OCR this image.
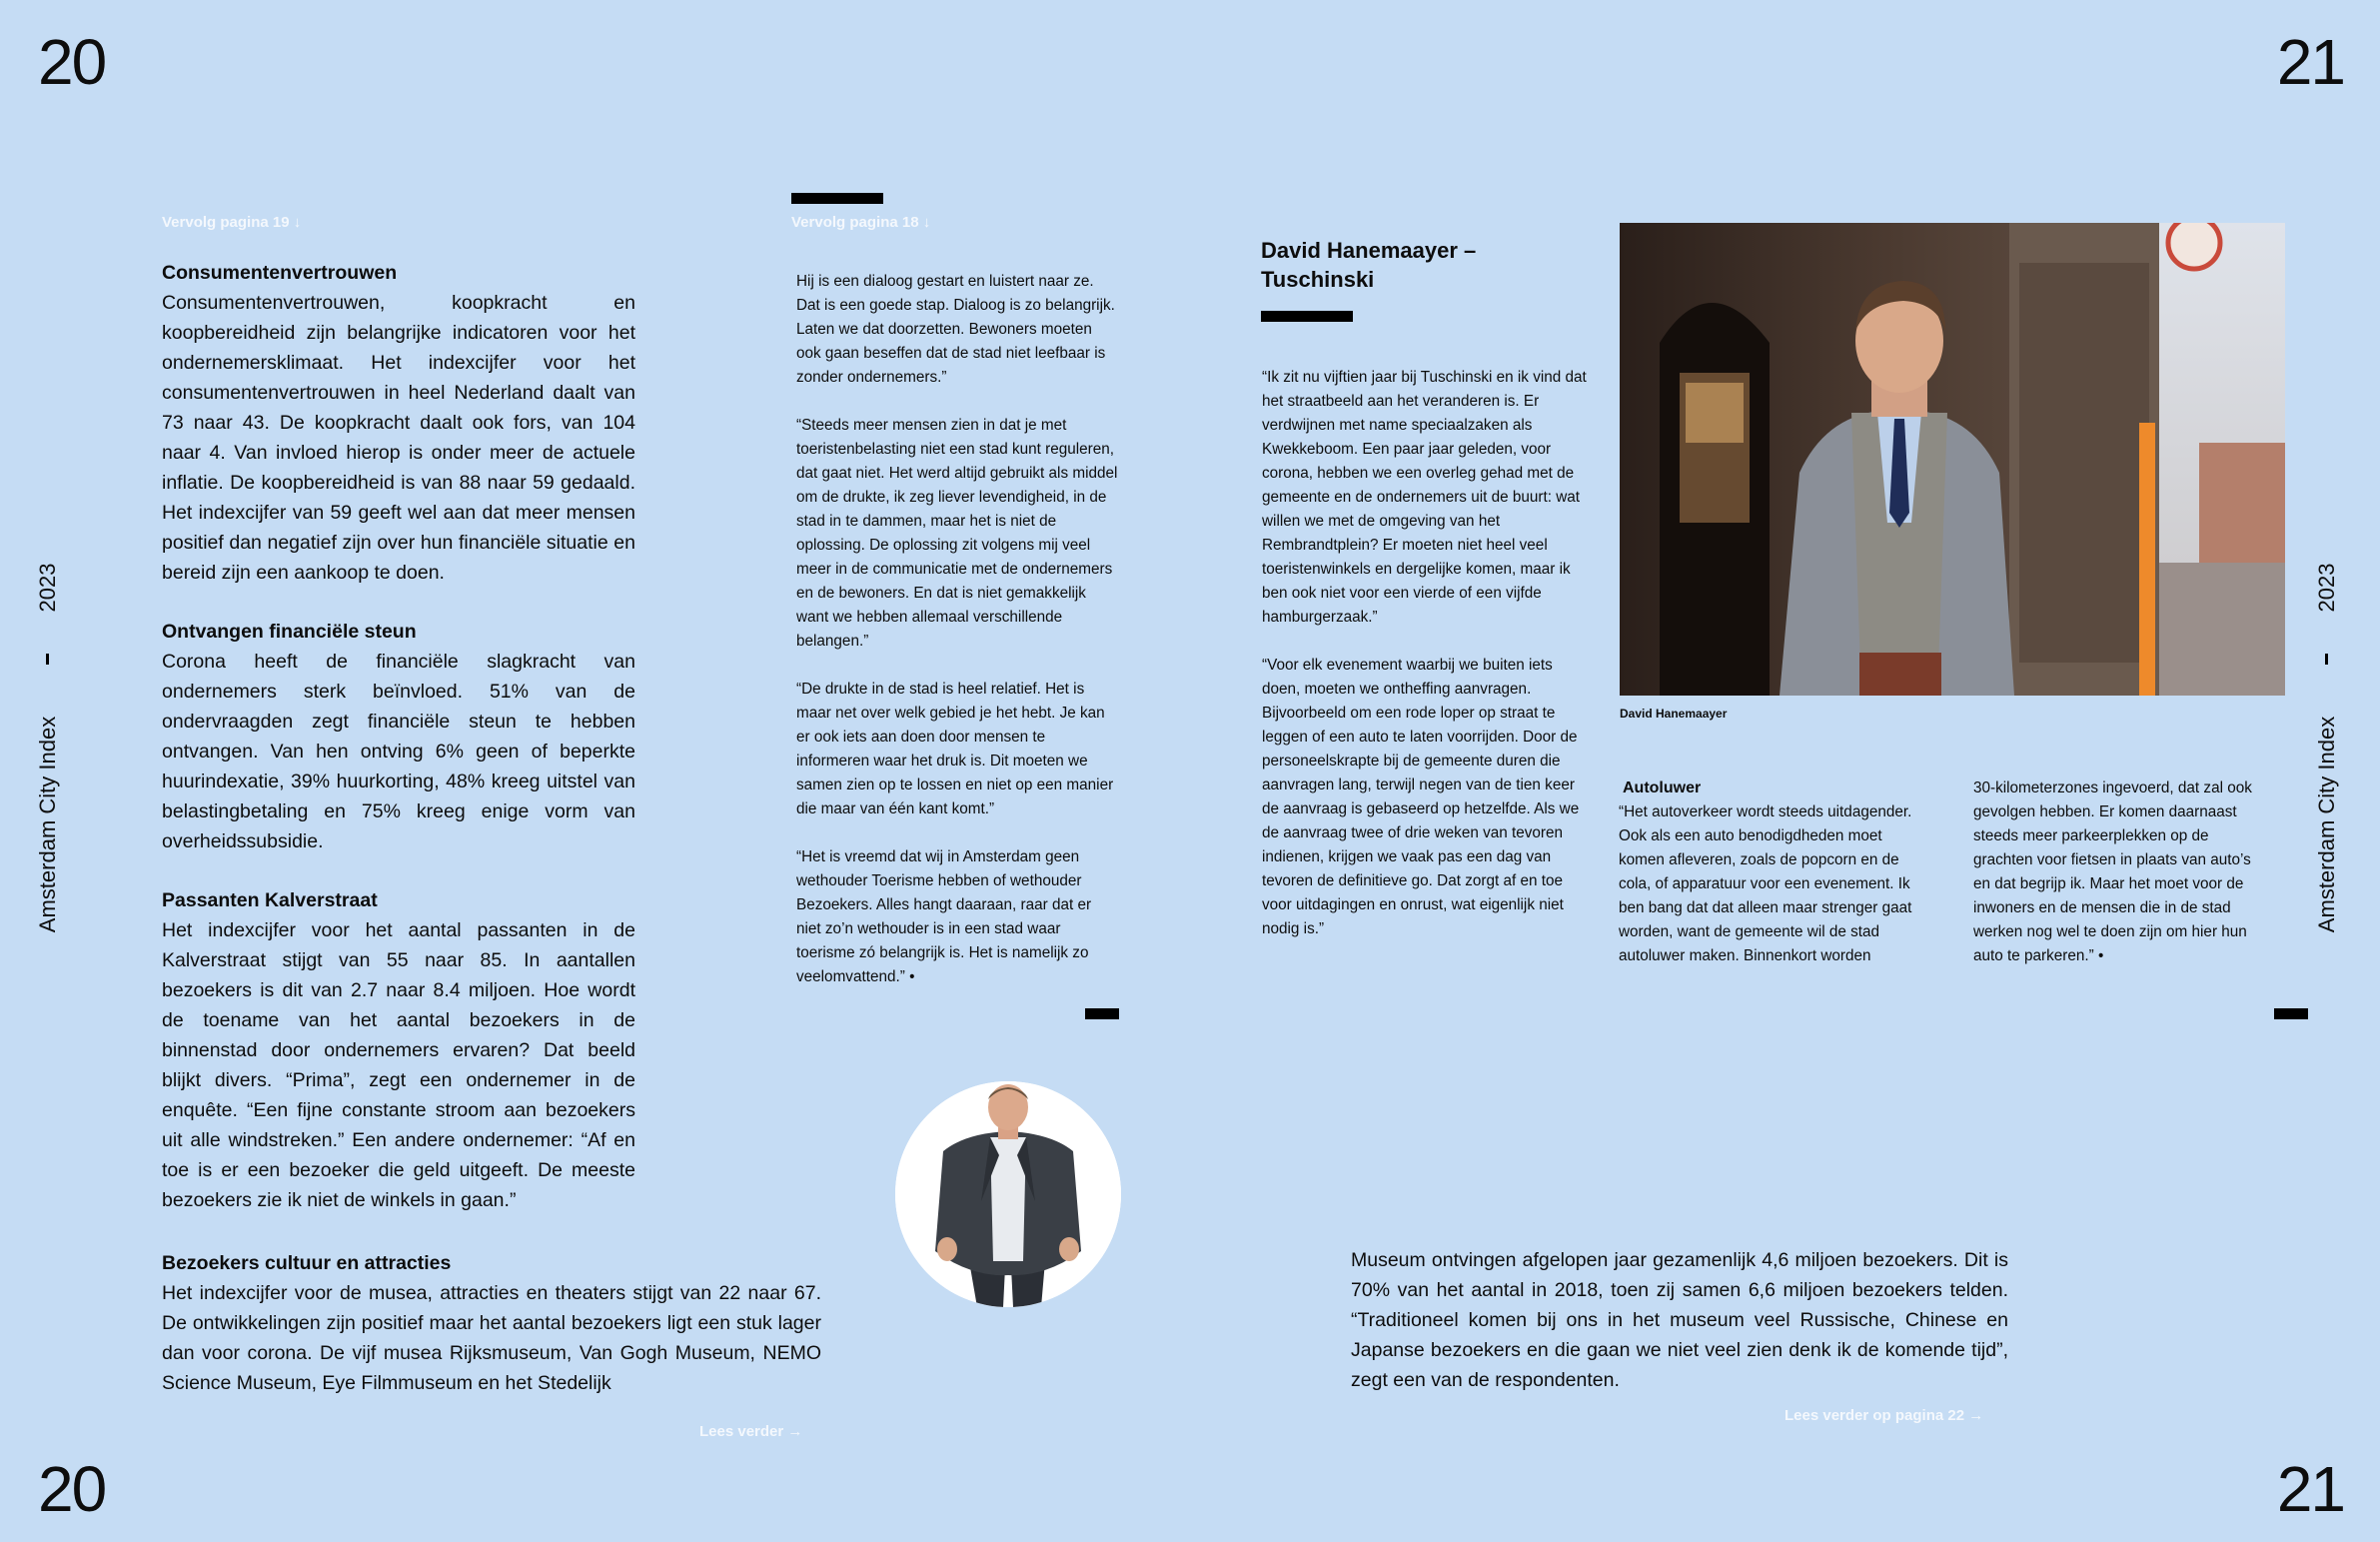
20	21
20	21
2023
Amsterdam City Index
2023
Amsterdam City Index
Vervolg pagina 19 ↓
Consumentenvertrouwen

Consumentenvertrouwen, koopkracht en koopbereidheid zijn belangrijke indicatoren voor het ondernemersklimaat. Het indexcijfer voor het consumentenvertrouwen in heel Nederland daalt van 73 naar 43. De koopkracht daalt ook fors, van 104 naar 4. Van invloed hierop is onder meer de actuele inflatie. De koopbereidheid is van 88 naar 59 gedaald. Het indexcijfer van 59 geeft wel aan dat meer mensen positief dan negatief zijn over hun financiële situatie en bereid zijn een aankoop te doen.

Ontvangen financiële steun

Corona heeft de financiële slagkracht van ondernemers sterk beïnvloed. 51% van de ondervraagden zegt financiële steun te hebben ontvangen. Van hen ontving 6% geen of beperkte huurindexatie, 39% huurkorting, 48% kreeg uitstel van belastingbetaling en 75% kreeg enige vorm van overheidssubsidie.

Passanten Kalverstraat

Het indexcijfer voor het aantal passanten in de Kalverstraat stijgt van 55 naar 85. In aantallen bezoekers is dit van 2.7 naar 8.4 miljoen. Hoe wordt de toename van het aantal bezoekers in de binnenstad door ondernemers ervaren? Dat beeld blijkt divers. “Prima”, zegt een ondernemer in de enquête. “Een fijne constante stroom aan bezoekers uit alle windstreken.” Een andere ondernemer: “Af en toe is er een bezoeker die geld uitgeeft. De meeste bezoekers zie ik niet de winkels in gaan.”

Bezoekers cultuur en attracties

Het indexcijfer voor de musea, attracties en theaters stijgt van 22 naar 67. De ontwikkelingen zijn positief maar het aantal bezoekers ligt een stuk lager dan voor corona. De vijf musea Rijksmuseum, Van Gogh Museum, NEMO Science Museum, Eye Filmmuseum en het Stedelijk

Lees verder →
Vervolg pagina 18 ↓

Hij is een dialoog gestart en luistert naar ze. Dat is een goede stap. Dialoog is zo belangrijk. Laten we dat doorzetten. Bewoners moeten ook gaan beseffen dat de stad niet leefbaar is zonder ondernemers.”

“Steeds meer mensen zien in dat je met toeristenbelasting niet een stad kunt reguleren, dat gaat niet. Het werd altijd gebruikt als middel om de drukte, ik zeg liever levendigheid, in de stad in te dammen, maar het is niet de oplossing. De oplossing zit volgens mij veel meer in de communicatie met de ondernemers en de bewoners. En dat is niet gemakkelijk want we hebben allemaal verschillende belangen.”

“De drukte in de stad is heel relatief. Het is maar net over welk gebied je het hebt. Je kan er ook iets aan doen door mensen te informeren waar het druk is. Dit moeten we samen zien op te lossen en niet op een manier die maar van één kant komt.”

“Het is vreemd dat wij in Amsterdam geen wethouder Toerisme hebben of wethouder Bezoekers. Alles hangt daaraan, raar dat er niet zo’n wethouder is in een stad waar toerisme zó belangrijk is. Het is namelijk zo veelomvattend.” •

David Hanemaayer – Tuschinski

“Ik zit nu vijftien jaar bij Tuschinski en ik vind dat het straatbeeld aan het veranderen is. Er verdwijnen met name speciaalzaken als Kwekkeboom. Een paar jaar geleden, voor corona, hebben we een overleg gehad met de gemeente en de ondernemers uit de buurt: wat willen we met de omgeving van het Rembrandtplein? Er moeten niet heel veel toeristenwinkels en dergelijke komen, maar ik ben ook niet voor een vierde of een vijfde hamburgerzaak.”

“Voor elk evenement waarbij we buiten iets doen, moeten we ontheffing aanvragen. Bijvoorbeeld om een rode loper op straat te leggen of een auto te laten voorrijden. Door de personeelskrapte bij de gemeente duren die aanvragen lang, terwijl negen van de tien keer de aanvraag is gebaseerd op hetzelfde. Als we de aanvraag twee of drie weken van tevoren indienen, krijgen we vaak pas een dag van tevoren de definitieve go. Dat zorgt af en toe voor uitdagingen en onrust, wat eigenlijk niet nodig is.”

David Hanemaayer
Autoluwer

“Het autoverkeer wordt steeds uitdagender. Ook als een auto benodigdheden moet komen afleveren, zoals de popcorn en de cola, of apparatuur voor een evenement. Ik ben bang dat dat alleen maar strenger gaat worden, want de gemeente wil de stad autoluwer maken. Binnenkort worden

30-kilometerzones ingevoerd, dat zal ook gevolgen hebben. Er komen daarnaast steeds meer parkeerplekken op de grachten voor fietsen in plaats van auto’s en dat begrijp ik. Maar het moet voor de inwoners en de mensen die in de stad werken nog wel te doen zijn om hier hun auto te parkeren.” •

Museum ontvingen afgelopen jaar gezamenlijk 4,6 miljoen bezoekers. Dit is 70% van het aantal in 2018, toen zij samen 6,6 miljoen bezoekers telden. “Traditioneel komen bij ons in het museum veel Russische, Chinese en Japanse bezoekers en die gaan we niet veel zien denk ik de komende tijd”, zegt een van de respondenten.
Lees verder op pagina 22 →
